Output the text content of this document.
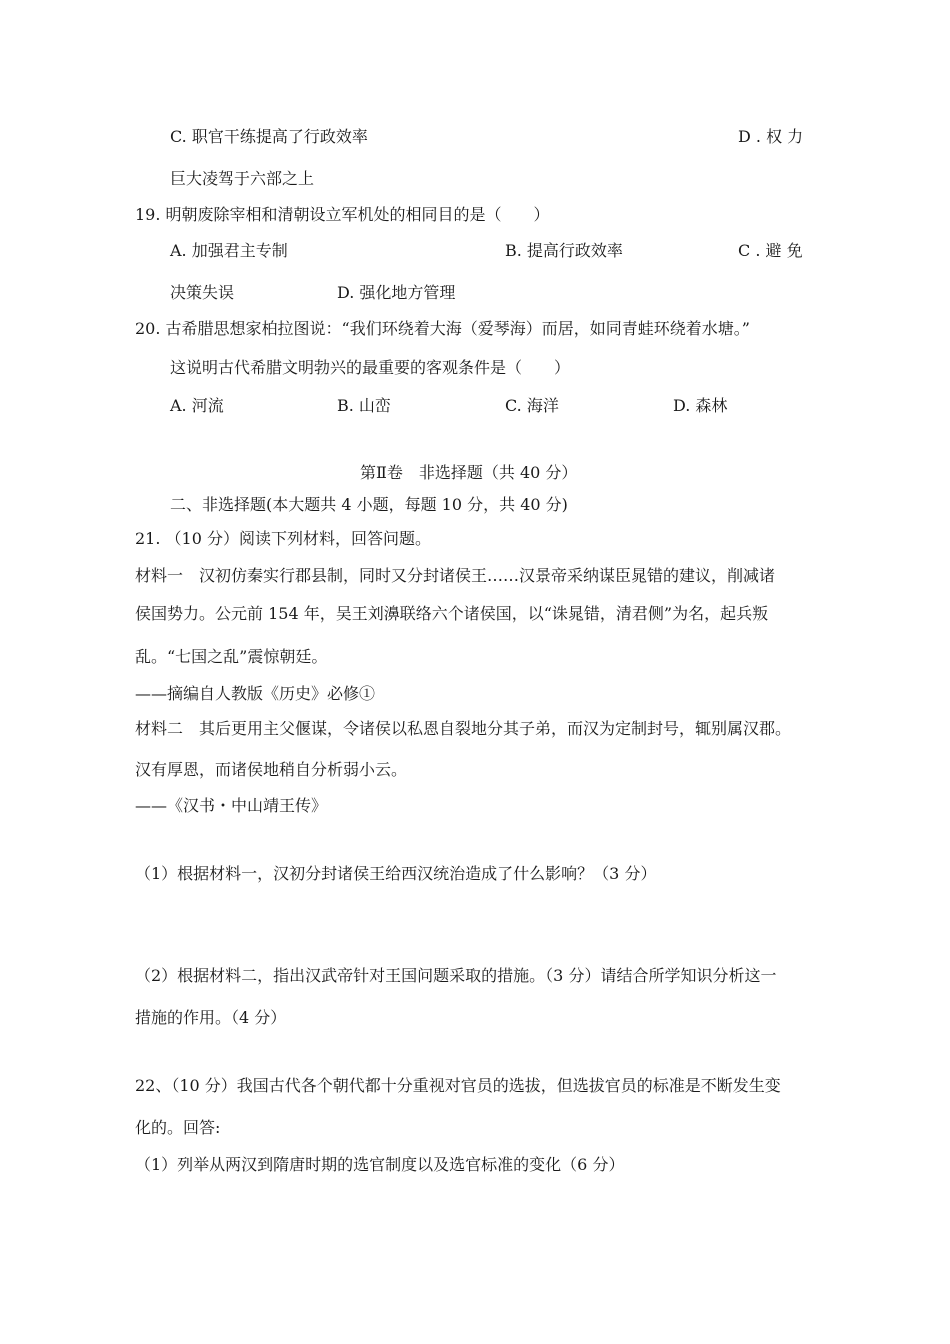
C. 职官干练提高了行政效率	D . 权 力
巨大凌驾于六部之上
19. 明朝废除宰相和清朝设立军机处的相同目的是（　　）
A. 加强君主专制	B. 提高行政效率	C . 避 免
决策失误	D. 强化地方管理
20. 古希腊思想家柏拉图说：“我们环绕着大海（爱琴海）而居，如同青蛙环绕着水塘。”
这说明古代希腊文明勃兴的最重要的客观条件是（　　）
A. 河流	B. 山峦	C. 海洋	D. 森林
第Ⅱ卷　非选择题（共 40 分）
二、非选择题(本大题共 4 小题，每题 10 分，共 40 分)
21. （10 分）阅读下列材料，回答问题。
材料一　汉初仿秦实行郡县制，同时又分封诸侯王……汉景帝采纳谋臣晁错的建议，削减诸
侯国势力。公元前 154 年，吴王刘濞联络六个诸侯国，以“诛晁错，清君侧”为名，起兵叛
乱。“七国之乱”震惊朝廷。
——摘编自人教版《历史》必修①
材料二　其后更用主父偃谋，令诸侯以私恩自裂地分其子弟，而汉为定制封号，辄别属汉郡。
汉有厚恩，而诸侯地稍自分析弱小云。
——《汉书・中山靖王传》
（1）根据材料一，汉初分封诸侯王给西汉统治造成了什么影响？（3 分）
（2）根据材料二，指出汉武帝针对王国问题采取的措施。（3 分）请结合所学知识分析这一
措施的作用。（4 分）
22、（10 分）我国古代各个朝代都十分重视对官员的选拔，但选拔官员的标准是不断发生变
化的。回答:
（1）列举从两汉到隋唐时期的选官制度以及选官标准的变化（6 分）
